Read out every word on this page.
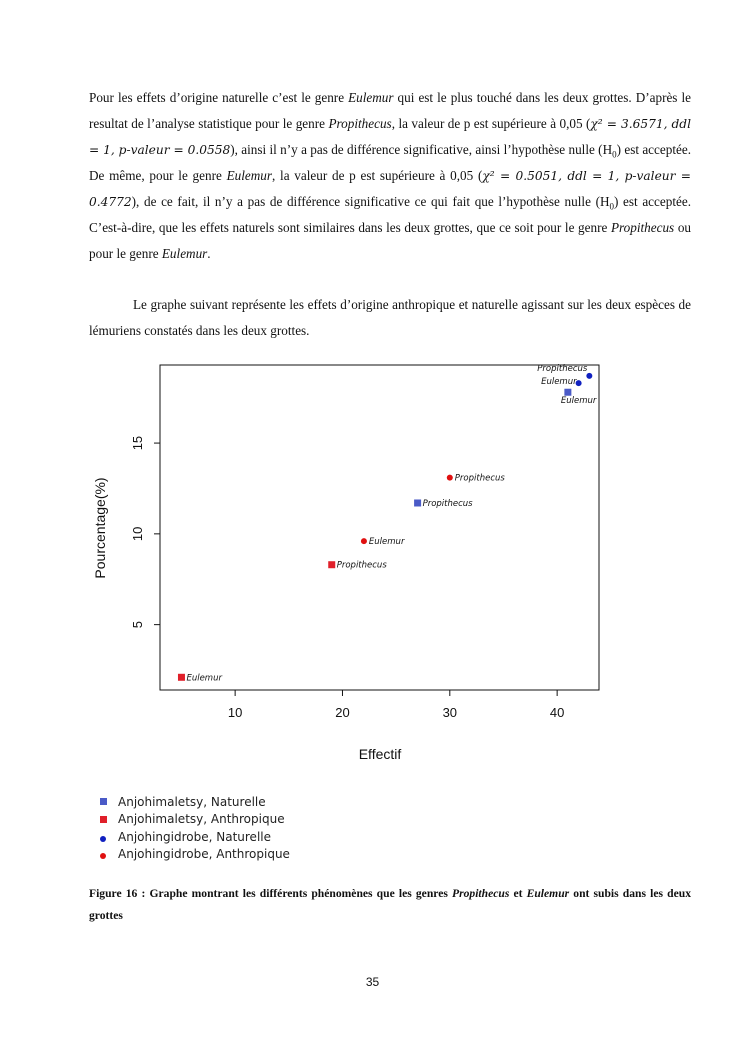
Pour les effets d’origine naturelle c’est le genre Eulemur qui est le plus touché dans les deux grottes. D’après le resultat de l’analyse statistique pour le genre Propithecus, la valeur de p est supérieure à 0,05 (χ² = 3.6571, ddl = 1, p-valeur = 0.0558), ainsi il n’y a pas de différence significative, ainsi l’hypothèse nulle $(H_0)$ est acceptée. De même, pour le genre Eulemur, la valeur de p est supérieure à 0,05 (χ² = 0.5051, ddl = 1, p-valeur = 0.4772), de ce fait, il n’y a pas de différence significative ce qui fait que l’hypothèse nulle $(H_0)$ est acceptée. C’est-à-dire, que les effets naturels sont similaires dans les deux grottes, que ce soit pour le genre Propithecus ou pour le genre Eulemur.
Le graphe suivant représente les effets d’origine anthropique et naturelle agissant sur les deux espèces de lémuriens constatés dans les deux grottes.
10	20	30	40
5
10
15
Propithecus
Eulemur
Propithecus
Eulemur
Propithecus
Eulemur
Propithecus
Eulemur
Effectif
Pourcentage(%)
Anjohimaletsy, Naturelle
Anjohimaletsy, Anthropique
Anjohingidrobe, Naturelle
Anjohingidrobe, Anthropique
Figure 16 : Graphe montrant les différents phénomènes que les genres Propithecus et Eulemur ont subis dans les deux grottes
35
